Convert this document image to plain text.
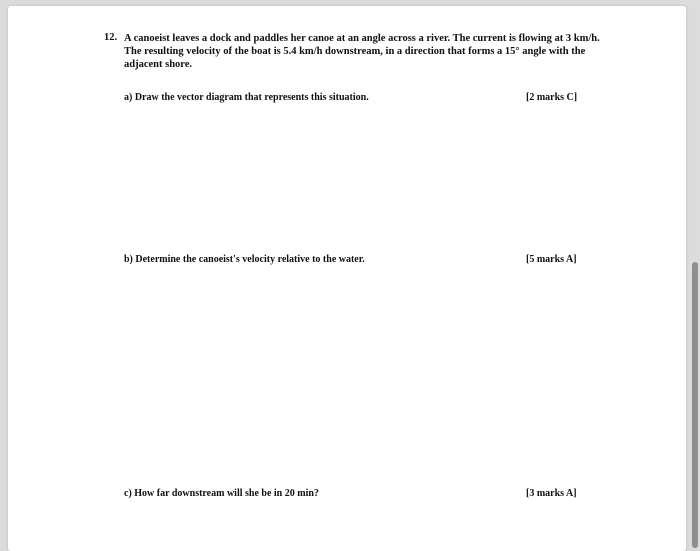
12. A canoeist leaves a dock and paddles her canoe at an angle across a river. The current is flowing at 3 km/h.
The resulting velocity of the boat is 5.4 km/h downstream, in a direction that forms a 15° angle with the
adjacent shore.
a) Draw the vector diagram that represents this situation.	[2 marks C]
b) Determine the canoeist's velocity relative to the water.	[5 marks A]
c) How far downstream will she be in 20 min?	[3 marks A]
